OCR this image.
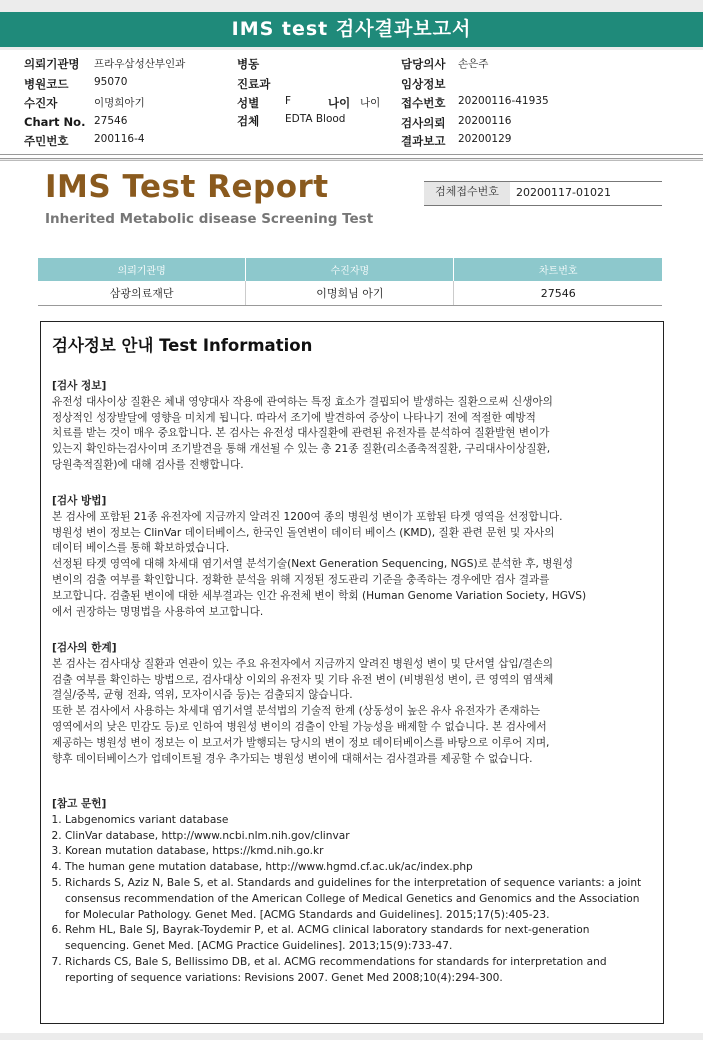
IMS test 검사결과보고서
의뢰기관명 프라우삼성산부인과
병원코드 95070
수진자	이명희아기
Chart No. 27546
주민번호 200116-4
병동
진료과
성별 F
검체 EDTA Blood
나이 나이
담당의사 손은주
임상정보
접수번호 20200116-41935
검사의뢰 20200116
결과보고 20200129
IMS Test Report
Inherited Metabolic disease Screening Test
검체접수번호	20200117-01021
의뢰기관명	수진자명	차트번호
삼광의료재단	이명희님 아기	27546
검사정보 안내 Test Information
[검사 정보]

유전성 대사이상 질환은 체내 영양대사 작용에 관여하는 특정 효소가 결핍되어 발생하는 질환으로써 신생아의

정상적인 성장발달에 영향을 미치게 됩니다. 따라서 조기에 발견하여 증상이 나타나기 전에 적절한 예방적

치료를 받는 것이 매우 중요합니다. 본 검사는 유전성 대사질환에 관련된 유전자를 분석하여 질환발현 변이가

있는지 확인하는검사이며 조기발견을 통해 개선될 수 있는 총 21종 질환(리소좀축적질환, 구리대사이상질환,

당원축적질환)에 대해 검사를 진행합니다.

[검사 방법]

본 검사에 포함된 21종 유전자에 지금까지 알려진 1200여 종의 병원성 변이가 포함된 타겟 영역을 선정합니다.

병원성 변이 정보는 ClinVar 데이터베이스, 한국인 돌연변이 데이터 베이스 (KMD), 질환 관련 문헌 및 자사의

데이터 베이스를 통해 확보하였습니다.

선정된 타겟 영역에 대해 차세대 염기서열 분석기술(Next Generation Sequencing, NGS)로 분석한 후, 병원성

변이의 검출 여부를 확인합니다. 정확한 분석을 위해 지정된 정도관리 기준을 충족하는 경우에만 검사 결과를

보고합니다. 검출된 변이에 대한 세부결과는 인간 유전체 변이 학회 (Human Genome Variation Society, HGVS)

에서 권장하는 명명법을 사용하여 보고합니다.

[검사의 한계]

본 검사는 검사대상 질환과 연관이 있는 주요 유전자에서 지금까지 알려진 병원성 변이 및 단서열 삽입/결손의

검출 여부를 확인하는 방법으로, 검사대상 이외의 유전자 및 기타 유전 변이 (비병원성 변이, 큰 영역의 염색체

결실/중복, 균형 전좌, 역위, 모자이시즘 등)는 검출되지 않습니다.

또한 본 검사에서 사용하는 차세대 염기서열 분석법의 기술적 한계 (상동성이 높은 유사 유전자가 존재하는

영역에서의 낮은 민감도 등)로 인하여 병원성 변이의 검출이 안될 가능성을 배제할 수 없습니다. 본 검사에서

제공하는 병원성 변이 정보는 이 보고서가 발행되는 당시의 변이 정보 데이터베이스를 바탕으로 이루어 지며,

향후 데이터베이스가 업데이트될 경우 추가되는 병원성 변이에 대해서는 검사결과를 제공할 수 없습니다.

[참고 문헌]
1. Labgenomics variant database
2. ClinVar database, http://www.ncbi.nlm.nih.gov/clinvar
3. Korean mutation database, https://kmd.nih.go.kr
4. The human gene mutation database, http://www.hgmd.cf.ac.uk/ac/index.php
5. Richards S, Aziz N, Bale S, et al. Standards and guidelines for the interpretation of sequence variants: a joint consensus recommendation of the American College of Medical Genetics and Genomics and the Association for Molecular Pathology. Genet Med. [ACMG Standards and Guidelines]. 2015;17(5):405-23.
6. Rehm HL, Bale SJ, Bayrak-Toydemir P, et al. ACMG clinical laboratory standards for next-generation sequencing. Genet Med. [ACMG Practice Guidelines]. 2013;15(9):733-47.
7. Richards CS, Bale S, Bellissimo DB, et al. ACMG recommendations for standards for interpretation and reporting of sequence variations: Revisions 2007. Genet Med 2008;10(4):294-300.
